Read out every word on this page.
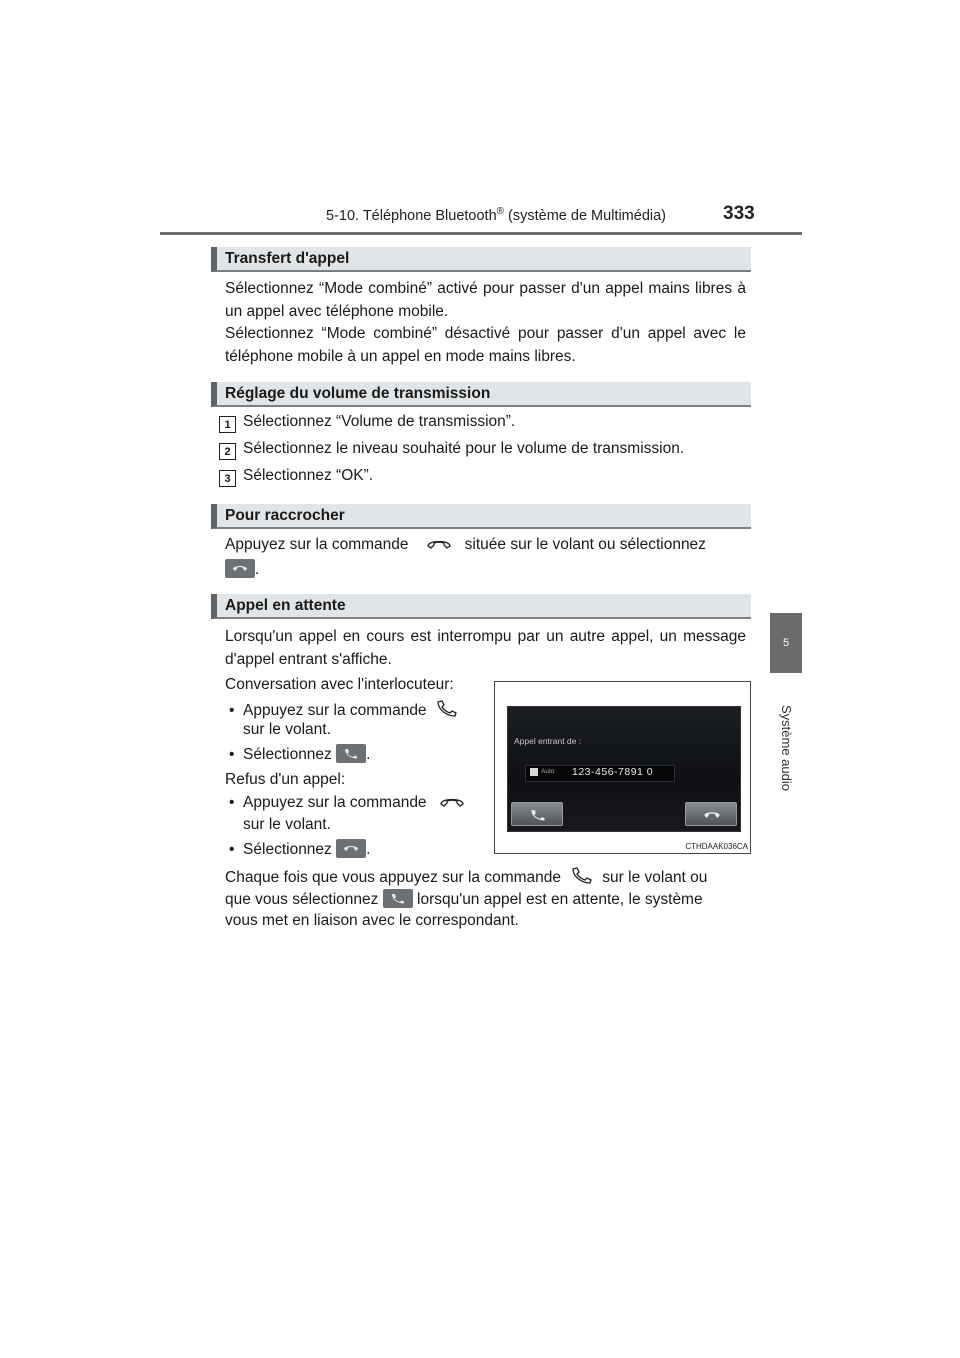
5-10. Téléphone Bluetooth® (système de Multimédia)	333
5
Système audio
Transfert d'appel
Sélectionnez “Mode combiné” activé pour passer d'un appel mains libres à un appel avec téléphone mobile.
Sélectionnez “Mode combiné” désactivé pour passer d'un appel avec le téléphone mobile à un appel en mode mains libres.
Réglage du volume de transmission
1 Sélectionnez “Volume de transmission”.
2 Sélectionnez le niveau souhaité pour le volume de transmission.
3 Sélectionnez “OK”.
Pour raccrocher
Appuyez sur la commande	située sur le volant ou sélectionnez
.
Appel en attente
Lorsqu'un appel en cours est interrompu par un autre appel, un message d'appel entrant s'affiche.
Conversation avec l'interlocuteur:
•  Appuyez sur la commande
sur le volant.
•  Sélectionnez .
Refus d'un appel:
•  Appuyez sur la commande
sur le volant.
•  Sélectionnez .
Appel entrant de :
Auto 123-456-7891 0
CTHDAAK036CA
Chaque fois que vous appuyez sur la commande	sur le volant ou
que vous sélectionnez lorsqu'un appel est en attente, le système
vous met en liaison avec le correspondant.
